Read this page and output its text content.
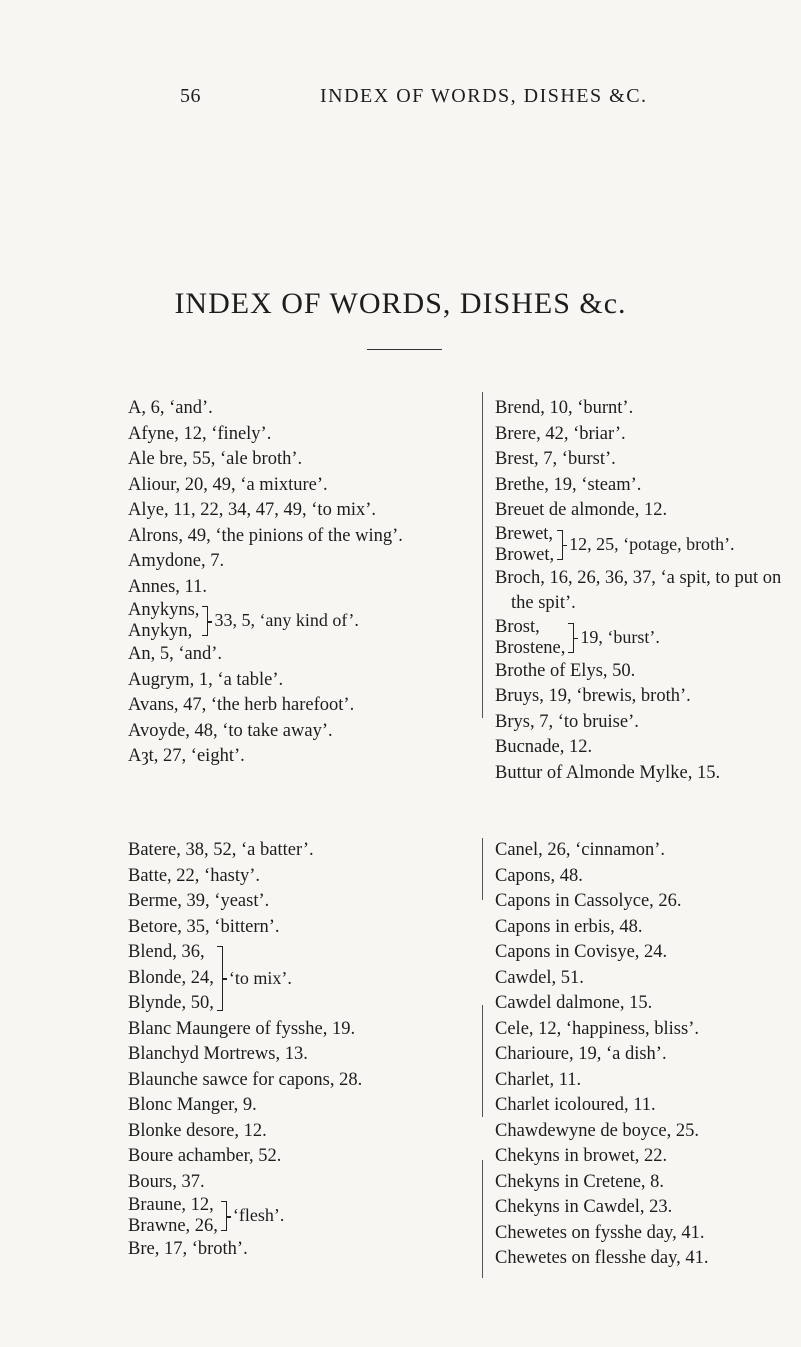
56	INDEX OF WORDS, DISHES &C.
INDEX OF WORDS, DISHES &c.
A, 6, ‘and’.
Afyne, 12, ‘finely’.
Ale bre, 55, ‘ale broth’.
Aliour, 20, 49, ‘a mixture’.
Alye, 11, 22, 34, 47, 49, ‘to mix’.
Alrons, 49, ‘the pinions of the wing’.
Amydone, 7.
Annes, 11.
Anykyns,
Anykyn,
33, 5, ‘any kind of’.
An, 5, ‘and’.
Augrym, 1, ‘a table’.
Avans, 47, ‘the herb harefoot’.
Avoyde, 48, ‘to take away’.
Aȝt, 27, ‘eight’.
Batere, 38, 52, ‘a batter’.
Batte, 22, ‘hasty’.
Berme, 39, ‘yeast’.
Betore, 35, ‘bittern’.
Blend, 36,
Blonde, 24,
Blynde, 50,
‘to mix’.
Blanc Maungere of fysshe, 19.
Blanchyd Mortrews, 13.
Blaunche sawce for capons, 28.
Blonc Manger, 9.
Blonke desore, 12.
Boure achamber, 52.
Bours, 37.
Braune, 12,
Brawne, 26,
‘flesh’.
Bre, 17, ‘broth’.
Brend, 10, ‘burnt’.
Brere, 42, ‘briar’.
Brest, 7, ‘burst’.
Brethe, 19, ‘steam’.
Breuet de almonde, 12.
Brewet,
Browet,
12, 25, ‘potage, broth’.
Broch, 16, 26, 36, 37, ‘a spit, to put on the spit’.
Brost,
Brostene,
19, ‘burst’.
Brothe of Elys, 50.
Bruys, 19, ‘brewis, broth’.
Brys, 7, ‘to bruise’.
Bucnade, 12.
Buttur of Almonde Mylke, 15.
Canel, 26, ‘cinnamon’.
Capons, 48.
Capons in Cassolyce, 26.
Capons in erbis, 48.
Capons in Covisye, 24.
Cawdel, 51.
Cawdel dalmone, 15.
Cele, 12, ‘happiness, bliss’.
Charioure, 19, ‘a dish’.
Charlet, 11.
Charlet icoloured, 11.
Chawdewyne de boyce, 25.
Chekyns in browet, 22.
Chekyns in Cretene, 8.
Chekyns in Cawdel, 23.
Chewetes on fysshe day, 41.
Chewetes on flesshe day, 41.
